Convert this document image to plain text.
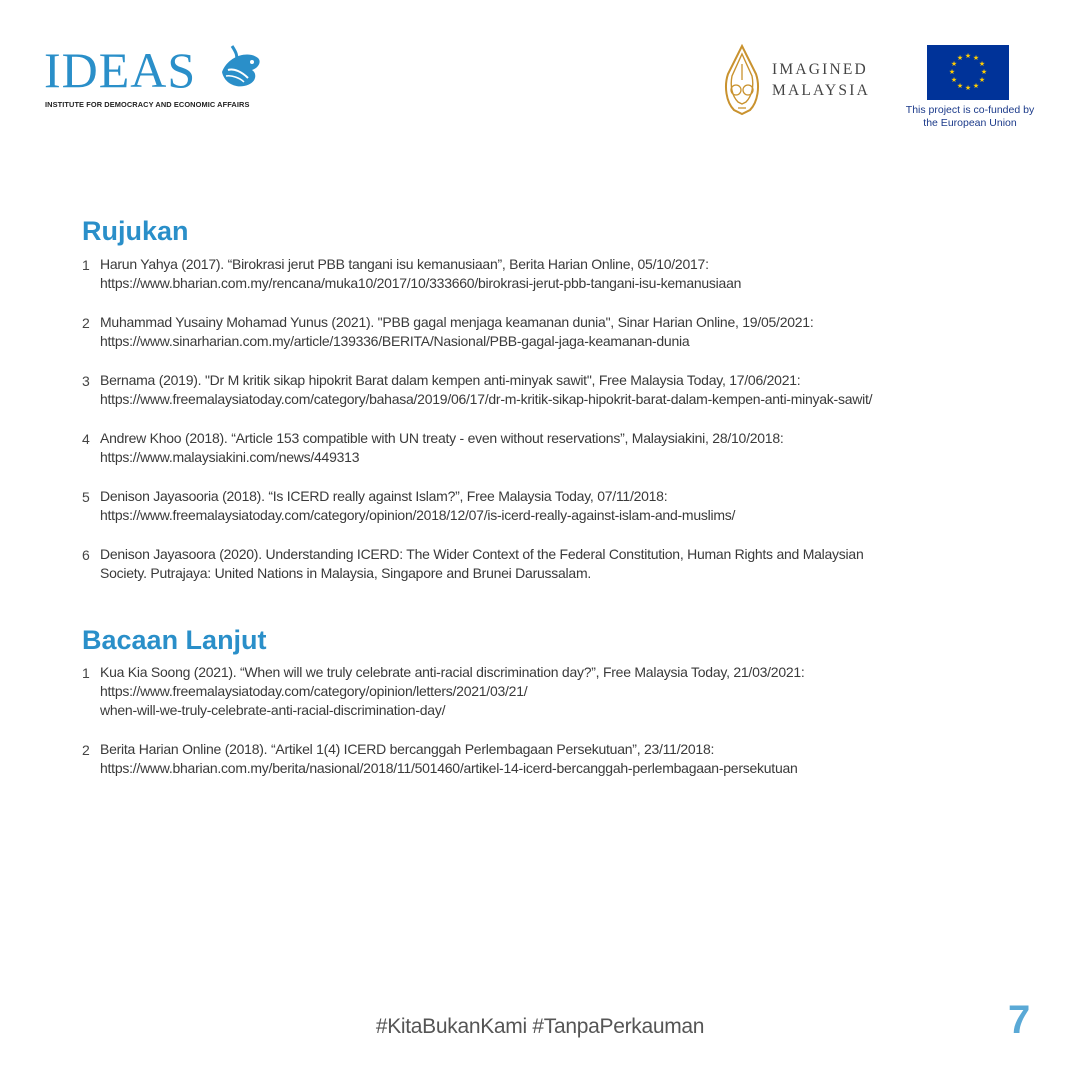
IDEAS
INSTITUTE FOR DEMOCRACY AND ECONOMIC AFFAIRS
IMAGINED
MALAYSIA
★ ★
★
★
★
★
★
★
★
★
★
★
This project is co-funded by
the European Union
Rujukan
1 Harun Yahya (2017). “Birokrasi jerut PBB tangani isu kemanusiaan”, Berita Harian Online, 05/10/2017:
https://www.bharian.com.my/rencana/muka10/2017/10/333660/birokrasi-jerut-pbb-tangani-isu-kemanusiaan
2 Muhammad Yusainy Mohamad Yunus (2021). "PBB gagal menjaga keamanan dunia", Sinar Harian Online, 19/05/2021:
https://www.sinarharian.com.my/article/139336/BERITA/Nasional/PBB-gagal-jaga-keamanan-dunia
3 Bernama (2019). "Dr M kritik sikap hipokrit Barat dalam kempen anti-minyak sawit", Free Malaysia Today, 17/06/2021:
https://www.freemalaysiatoday.com/category/bahasa/2019/06/17/dr-m-kritik-sikap-hipokrit-barat-dalam-kempen-anti-minyak-sawit/
4 Andrew Khoo (2018). “Article 153 compatible with UN treaty - even without reservations”, Malaysiakini, 28/10/2018:
https://www.malaysiakini.com/news/449313
5 Denison Jayasooria (2018). “Is ICERD really against Islam?”, Free Malaysia Today, 07/11/2018:
https://www.freemalaysiatoday.com/category/opinion/2018/12/07/is-icerd-really-against-islam-and-muslims/
6 Denison Jayasoora (2020). Understanding ICERD: The Wider Context of the Federal Constitution, Human Rights and Malaysian
Society. Putrajaya: United Nations in Malaysia, Singapore and Brunei Darussalam.
Bacaan Lanjut
1 Kua Kia Soong (2021). “When will we truly celebrate anti-racial discrimination day?”, Free Malaysia Today, 21/03/2021:
https://www.freemalaysiatoday.com/category/opinion/letters/2021/03/21/
when-will-we-truly-celebrate-anti-racial-discrimination-day/
2 Berita Harian Online (2018). “Artikel 1(4) ICERD bercanggah Perlembagaan Persekutuan”, 23/11/2018:
https://www.bharian.com.my/berita/nasional/2018/11/501460/artikel-14-icerd-bercanggah-perlembagaan-persekutuan
#KitaBukanKami #TanpaPerkauman	7
